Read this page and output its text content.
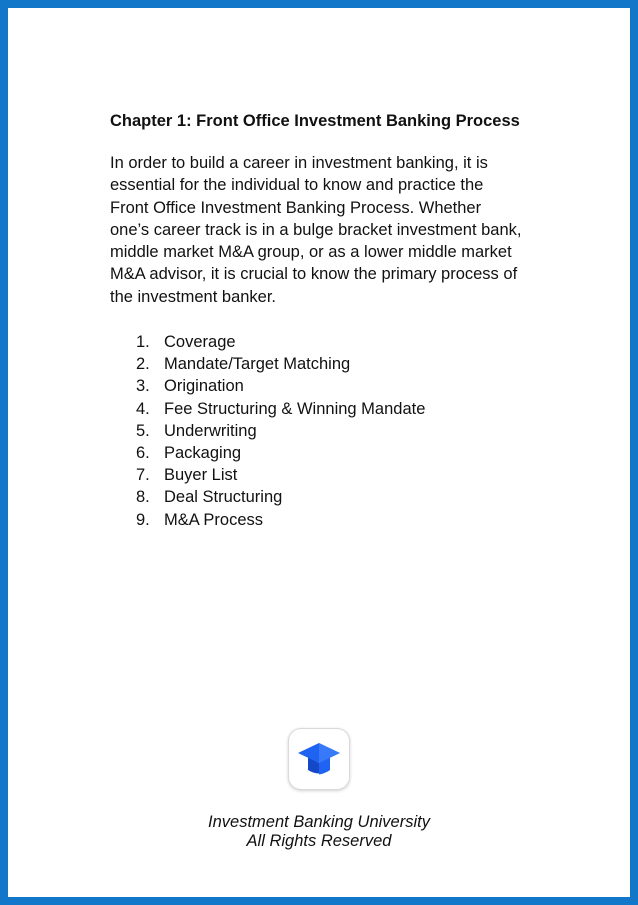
Chapter 1: Front Office Investment Banking Process
In order to build a career in investment banking, it is
essential for the individual to know and practice the
Front Office Investment Banking Process. Whether
one’s career track is in a bulge bracket investment bank,
middle market M&A group, or as a lower middle market
M&A advisor, it is crucial to know the primary process of
the investment banker.
1. Coverage
2. Mandate/Target Matching
3. Origination
4. Fee Structuring & Winning Mandate
5. Underwriting
6. Packaging
7. Buyer List
8. Deal Structuring
9. M&A Process
Investment Banking University
All Rights Reserved
